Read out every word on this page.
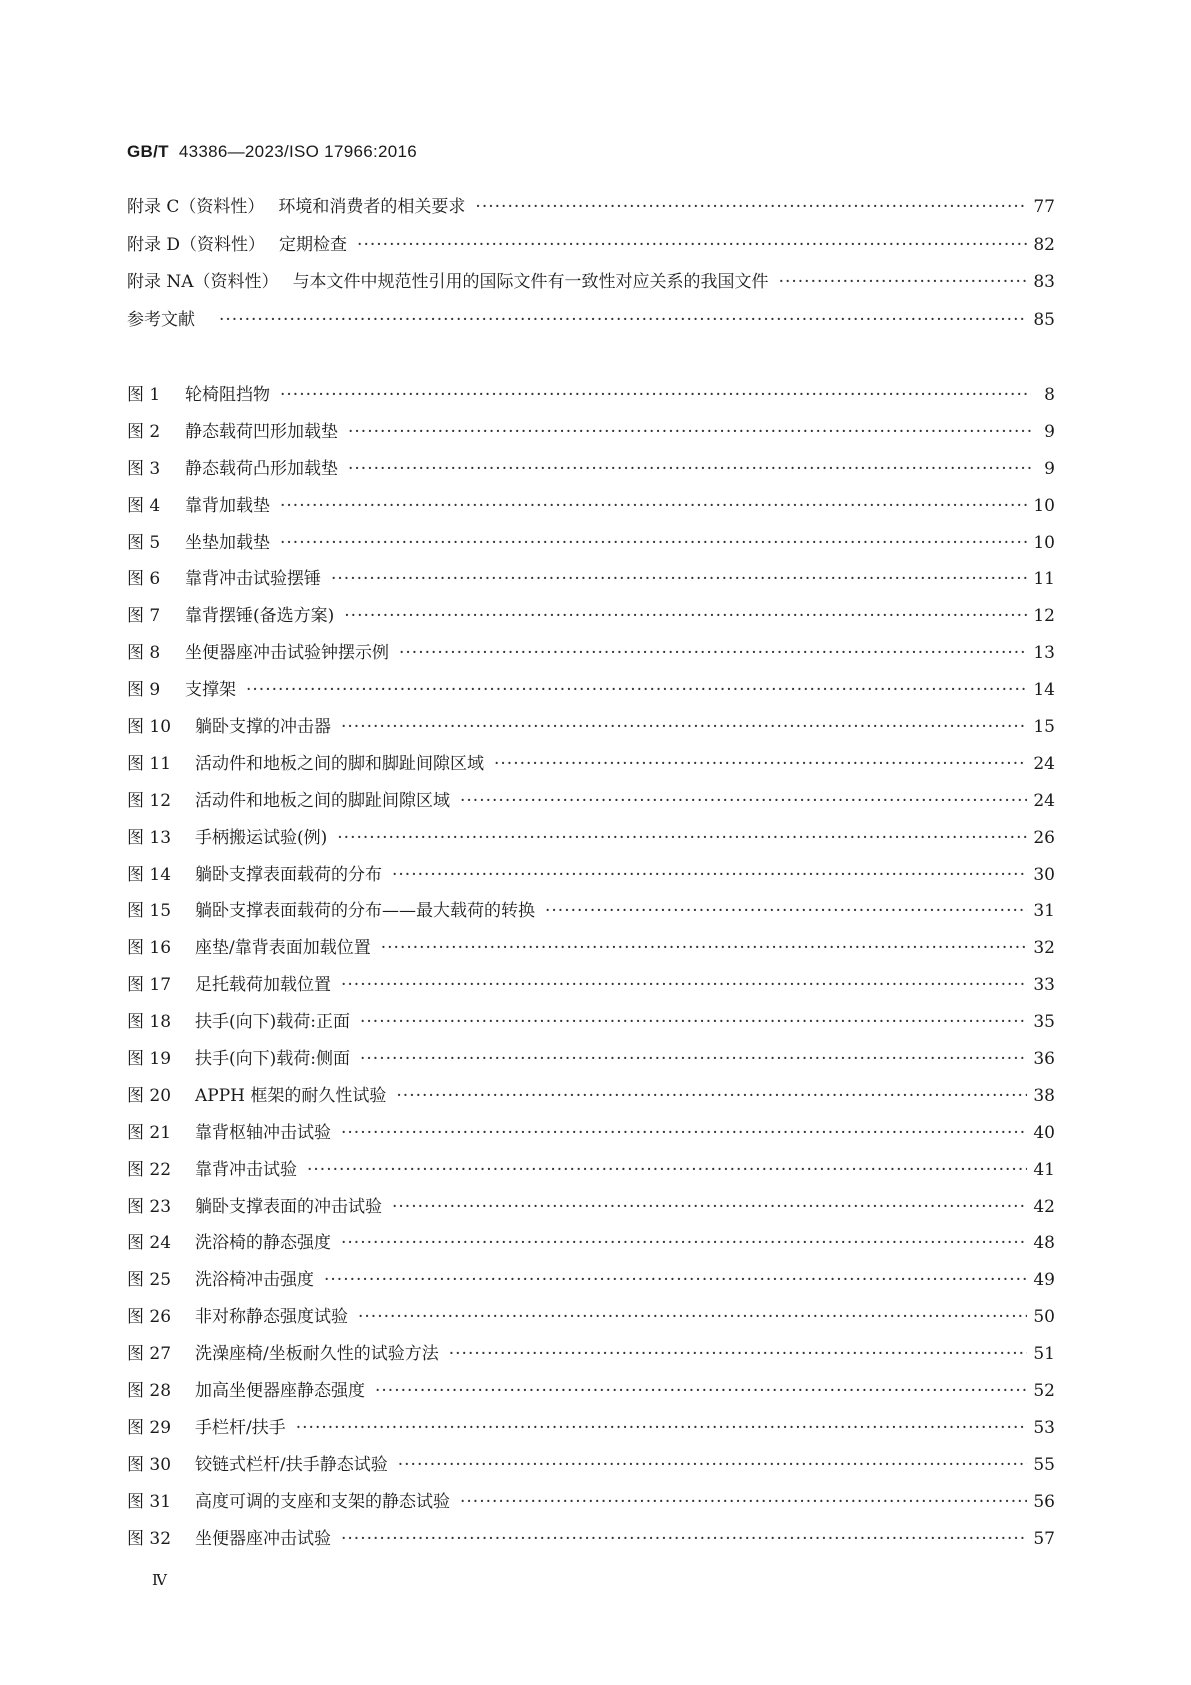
GB/T 43386—2023/ISO 17966:2016
附录 C（资料性） 环境和消费者的相关要求 ·····	77
附录 D（资料性） 定期检查 ·····	82
附录 NA（资料性） 与本文件中规范性引用的国际文件有一致性对应关系的我国文件 ·····	83
参考文献 ·····	85
图 1 轮椅阻挡物 ·····	8
图 2 静态载荷凹形加载垫 ·····	9
图 3 静态载荷凸形加载垫 ·····	9
图 4 靠背加载垫 ·····	10
图 5 坐垫加载垫 ·····	10
图 6 靠背冲击试验摆锤 ·····	11
图 7 靠背摆锤(备选方案) ·····	12
图 8 坐便器座冲击试验钟摆示例 ·····	13
图 9 支撑架 ·····	14
图 10 躺卧支撑的冲击器 ·····	15
图 11 活动件和地板之间的脚和脚趾间隙区域 ·····	24
图 12 活动件和地板之间的脚趾间隙区域 ·····	24
图 13 手柄搬运试验(例) ·····	26
图 14 躺卧支撑表面载荷的分布 ·····	30
图 15 躺卧支撑表面载荷的分布——最大载荷的转换 ·····	31
图 16 座垫/靠背表面加载位置 ·····	32
图 17 足托载荷加载位置 ·····	33
图 18 扶手(向下)载荷:正面 ·····	35
图 19 扶手(向下)载荷:侧面 ·····	36
图 20 APPH 框架的耐久性试验 ·····	38
图 21 靠背枢轴冲击试验 ·····	40
图 22 靠背冲击试验 ·····	41
图 23 躺卧支撑表面的冲击试验 ·····	42
图 24 洗浴椅的静态强度 ·····	48
图 25 洗浴椅冲击强度 ·····	49
图 26 非对称静态强度试验 ·····	50
图 27 洗澡座椅/坐板耐久性的试验方法 ·····	51
图 28 加高坐便器座静态强度 ·····	52
图 29 手栏杆/扶手 ·····	53
图 30 铰链式栏杆/扶手静态试验 ·····	55
图 31 高度可调的支座和支架的静态试验 ·····	56
图 32 坐便器座冲击试验 ·····	57
Ⅳ
